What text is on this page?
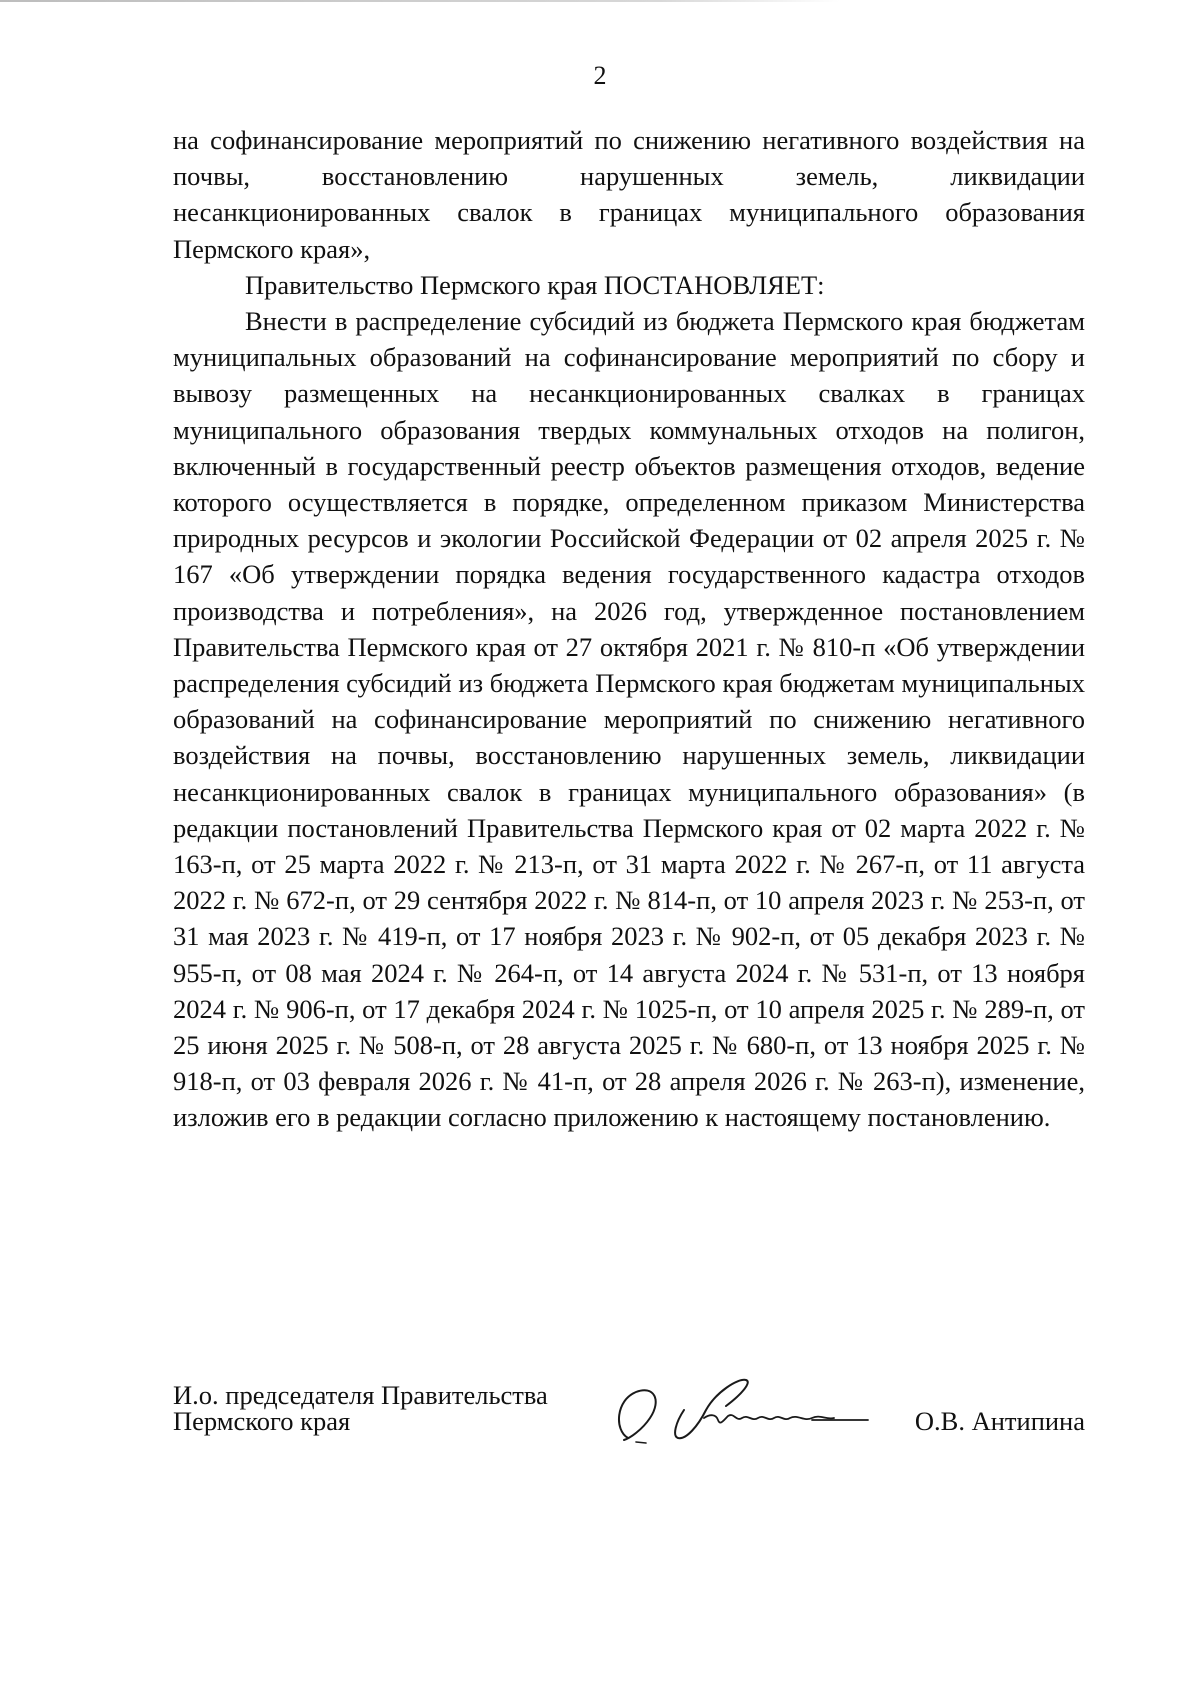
2

на софинансирование мероприятий по снижению негативного воздействия на почвы, восстановлению нарушенных земель, ликвидации несанкционированных свалок в границах муниципального образования Пермского края»,

Правительство Пермского края ПОСТАНОВЛЯЕТ:

Внести в распределение субсидий из бюджета Пермского края бюджетам муниципальных образований на софинансирование мероприятий по сбору и вывозу размещенных на несанкционированных свалках в границах муниципального образования твердых коммунальных отходов на полигон, включенный в государственный реестр объектов размещения отходов, ведение которого осуществляется в порядке, определенном приказом Министерства природных ресурсов и экологии Российской Федерации от 02 апреля 2025 г. № 167 «Об утверждении порядка ведения государственного кадастра отходов производства и потребления», на 2026 год, утвержденное постановлением Правительства Пермского края от 27 октября 2021 г. № 810-п «Об утверждении распределения субсидий из бюджета Пермского края бюджетам муниципальных образований на софинансирование мероприятий по снижению негативного воздействия на почвы, восстановлению нарушенных земель, ликвидации несанкционированных свалок в границах муниципального образования» (в редакции постановлений Правительства Пермского края от 02 марта 2022 г. № 163-п, от 25 марта 2022 г. № 213-п, от 31 марта 2022 г. № 267-п, от 11 августа 2022 г. № 672-п, от 29 сентября 2022 г. № 814-п, от 10 апреля 2023 г. № 253-п, от 31 мая 2023 г. № 419-п, от 17 ноября 2023 г. № 902-п, от 05 декабря 2023 г. № 955-п, от 08 мая 2024 г. № 264-п, от 14 августа 2024 г. № 531-п, от 13 ноября 2024 г. № 906-п, от 17 декабря 2024 г. № 1025-п, от 10 апреля 2025 г. № 289-п, от 25 июня 2025 г. № 508-п, от 28 августа 2025 г. № 680-п, от 13 ноября 2025 г. № 918-п, от 03 февраля 2026 г. № 41-п, от 28 апреля 2026 г. № 263-п), изменение, изложив его в редакции согласно приложению к настоящему постановлению.

И.о. председателя Правительства
Пермского края	О.В. Антипина
